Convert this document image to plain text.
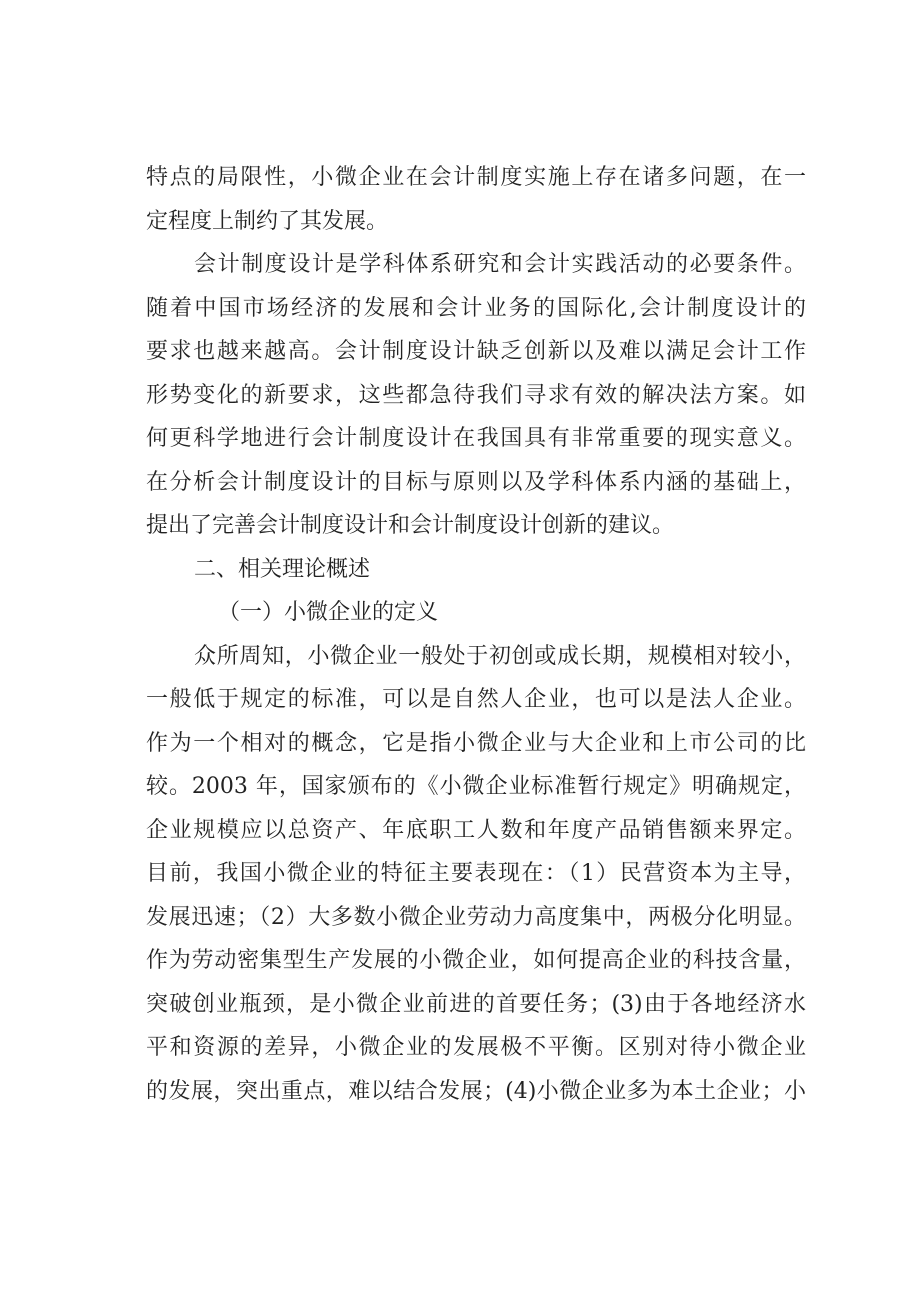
特点的局限性，小微企业在会计制度实施上存在诸多问题，在一
定程度上制约了其发展。
会计制度设计是学科体系研究和会计实践活动的必要条件。
随着中国市场经济的发展和会计业务的国际化,会计制度设计的
要求也越来越高。会计制度设计缺乏创新以及难以满足会计工作
形势变化的新要求，这些都急待我们寻求有效的解决法方案。如
何更科学地进行会计制度设计在我国具有非常重要的现实意义。
在分析会计制度设计的目标与原则以及学科体系内涵的基础上，
提出了完善会计制度设计和会计制度设计创新的建议。
二、相关理论概述
（一）小微企业的定义
众所周知，小微企业一般处于初创或成长期，规模相对较小，
一般低于规定的标准，可以是自然人企业，也可以是法人企业。
作为一个相对的概念，它是指小微企业与大企业和上市公司的比
较。2003 年，国家颁布的《小微企业标准暂行规定》明确规定，
企业规模应以总资产、年底职工人数和年度产品销售额来界定。
目前，我国小微企业的特征主要表现在：（1）民营资本为主导，
发展迅速；（2）大多数小微企业劳动力高度集中，两极分化明显。
作为劳动密集型生产发展的小微企业，如何提高企业的科技含量，
突破创业瓶颈，是小微企业前进的首要任务；(3)由于各地经济水
平和资源的差异，小微企业的发展极不平衡。区别对待小微企业
的发展，突出重点，难以结合发展；(4)小微企业多为本土企业；小
